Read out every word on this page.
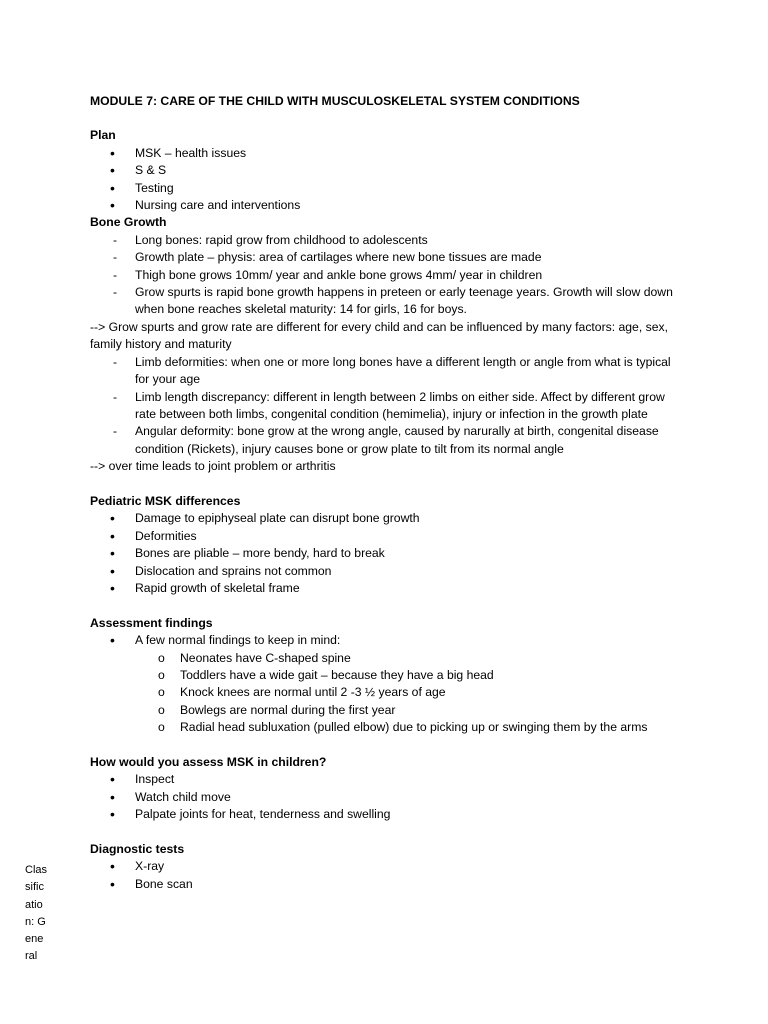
Classification: General
MODULE 7: CARE OF THE CHILD WITH MUSCULOSKELETAL SYSTEM CONDITIONS
Plan
• MSK – health issues
• S & S
• Testing
• Nursing care and interventions
Bone Growth
- Long bones: rapid grow from childhood to adolescents
- Growth plate – physis: area of cartilages where new bone tissues are made
- Thigh bone grows 10mm/ year and ankle bone grows 4mm/ year in children
- Grow spurts is rapid bone growth happens in preteen or early teenage years. Growth will slow down when bone reaches skeletal maturity: 14 for girls, 16 for boys.

--> Grow spurts and grow rate are different for every child and can be influenced by many factors: age, sex, family history and maturity

- Limb deformities: when one or more long bones have a different length or angle from what is typical for your age
- Limb length discrepancy: different in length between 2 limbs on either side. Affect by different grow rate between both limbs, congenital condition (hemimelia), injury or infection in the growth plate
- Angular deformity: bone grow at the wrong angle, caused by narurally at birth, congenital disease condition (Rickets), injury causes bone or grow plate to tilt from its normal angle

--> over time leads to joint problem or arthritis

Pediatric MSK differences
• Damage to epiphyseal plate can disrupt bone growth
• Deformities
• Bones are pliable – more bendy, hard to break
• Dislocation and sprains not common
• Rapid growth of skeletal frame
Assessment findings
• A few normal findings to keep in mind:
o Neonates have C-shaped spine
o Toddlers have a wide gait – because they have a big head
o Knock knees are normal until 2 -3 ½ years of age
o Bowlegs are normal during the first year
o Radial head subluxation (pulled elbow) due to picking up or swinging them by the arms
How would you assess MSK in children?
• Inspect
• Watch child move
• Palpate joints for heat, tenderness and swelling
Diagnostic tests
• X-ray
• Bone scan
